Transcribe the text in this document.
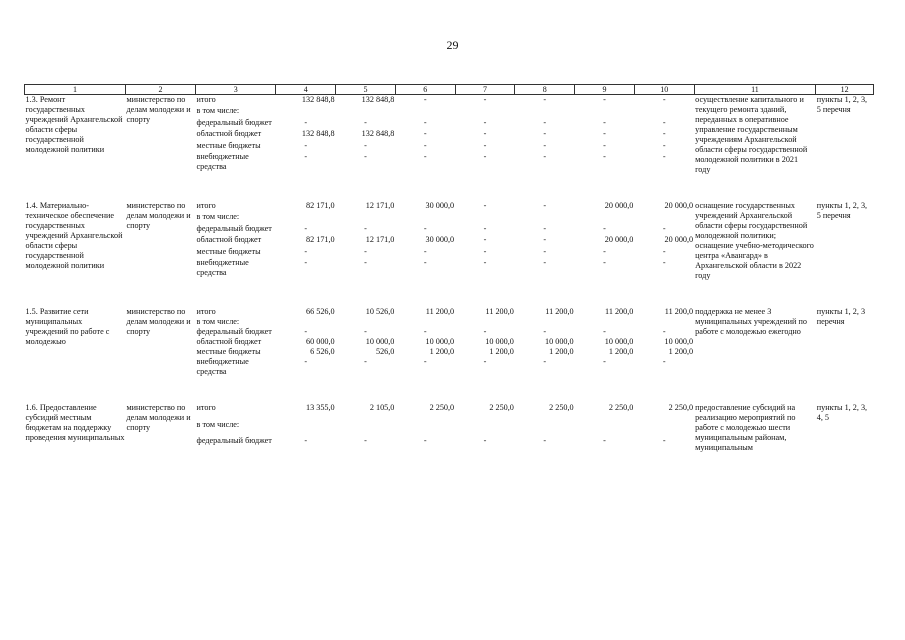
29
1	2	3	4	5	6	7	8	9	10	11	12
1.3. Ремонт государственных учреждений Архангельской области сферы государственной молодежной политики	министерство по делам молодежи и спорту	итого	132 848,8	132 848,8	-	-	-	-	-	осуществление капитального и текущего ремонта зданий, переданных в оперативное управление государственным учреждениям Архангельской области сферы государственной молодежной политики в 2021 году	пункты 1, 2, 3, 5 перечня
		в том числе:									
		федеральный бюджет	-	-	-	-	-	-	-		
		областной бюджет	132 848,8	132 848,8	-	-	-	-	-		
		местные бюджеты	-	-	-	-	-	-	-		
		внебюджетные средства	-	-	-	-	-	-	-		

1.4. Материально-техническое обеспечение государственных учреждений Архангельской области сферы государственной молодежной политики	министерство по делам молодежи и спорту	итого	82 171,0	12 171,0	30 000,0	-	-	20 000,0	20 000,0	оснащение государственных учреждений Архангельской области сферы государственной молодежной политики; оснащение учебно-методического центра «Авангард» в Архангельской области в 2022 году	пункты 1, 2, 3, 5 перечня
		в том числе:									
		федеральный бюджет	-	-	-	-	-	-	-		
		областной бюджет	82 171,0	12 171,0	30 000,0	-	-	20 000,0	20 000,0		
		местные бюджеты	-	-	-	-	-	-	-		
		внебюджетные средства	-	-	-	-	-	-	-		

1.5. Развитие сети муниципальных учреждений по работе с молодежью	министерство по делам молодежи и спорту	итого	66 526,0	10 526,0	11 200,0	11 200,0	11 200,0	11 200,0	11 200,0	поддержка не менее 3 муниципальных учреждений по работе с молодежью ежегодно	пункты 1, 2, 3 перечня
		в том числе:									
		федеральный бюджет	-	-	-	-	-	-	-		
		областной бюджет	60 000,0	10 000,0	10 000,0	10 000,0	10 000,0	10 000,0	10 000,0		
		местные бюджеты	6 526,0	526,0	1 200,0	1 200,0	1 200,0	1 200,0	1 200,0		
		внебюджетные средства	-	-	-	-	-	-	-		

1.6. Предоставление субсидий местным бюджетам на поддержку проведения муниципальных	министерство по делам молодежи и спорту	итого	13 355,0	2 105,0	2 250,0	2 250,0	2 250,0	2 250,0	2 250,0	предоставление субсидий на реализацию мероприятий по работе с молодежью шести муниципальным районам, муниципальным	пункты 1, 2, 3, 4, 5
		в том числе:									
		федеральный бюджет	-	-	-	-	-	-	-		
